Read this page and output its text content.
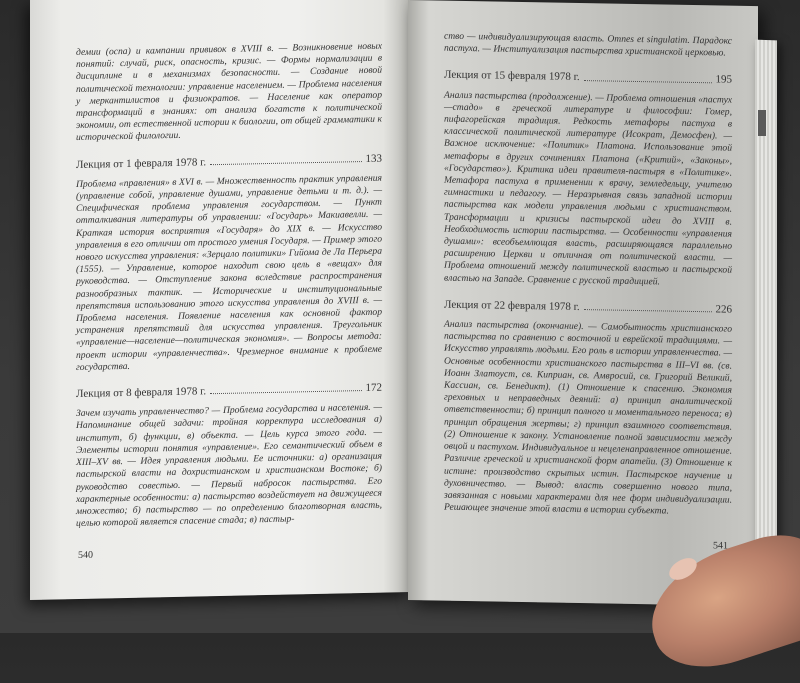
демии (оспа) и кампании прививок в XVIII в. — Возникновение новых понятий: случай, риск, опасность, кризис. — Формы нормализации в дисциплине и в механизмах безопасности. — Создание новой политической технологии: управление населением. — Проблема населения у меркантилистов и физиократов. — Население как оператор трансформаций в знаниях: от анализа богатств к политической экономии, от естественной истории к биологии, от общей грамматики к исторической филологии.

Лекция от 1 февраля 1978 г.	133

Проблема «правления» в XVI в. — Множественность практик управления (управление собой, управление душами, управление детьми и т. д.). — Специфическая проблема управления государством. — Пункт отталкивания литературы об управлении: «Государь» Макиавелли. — Краткая история восприятия «Государя» до XIX в. — Искусство управления в его отличии от простого умения Государя. — Пример этого нового искусства управления: «Зерцало политики» Гийома де Ла Перьера (1555). — Управление, которое находит свою цель в «вещах» для руководства. — Отступление закона вследствие распространения разнообразных тактик. — Исторические и институциональные препятствия использованию этого искусства управления до XVIII в. — Проблема населения. Появление населения как основной фактор устранения препятствий для искусства управления. Треугольник «управление—население—политическая экономия». — Вопросы метода: проект истории «управленчества». Чрезмерное внимание к проблеме государства.

Лекция от 8 февраля 1978 г.	172

Зачем изучать управленчество? — Проблема государства и населения. — Напоминание общей задачи: тройная корректура исследования а) институт, б) функции, в) объекта. — Цель курса этого года. — Элементы истории понятия «управление». Его семантический объем в XIII–XV вв. — Идея управления людьми. Ее источники: а) организация пастырской власти на дохристианском и христианском Востоке; б) руководство совестью. — Первый набросок пастырства. Его характерные особенности: а) пастырство воздействует на движущееся множество; б) пастырство — по определению благотворная власть, целью которой является спасение стада; в) пастыр-

540

ство — индивидуализирующая власть. Omnes et singulatim. Парадокс пастуха. — Институализация пастырства христианской церковью.

Лекция от 15 февраля 1978 г.	195

Анализ пастырства (продолжение). — Проблема отношения «пастух—стадо» в греческой литературе и философии: Гомер, пифагорейская традиция. Редкость метафоры пастуха в классической политической литературе (Исократ, Демосфен). — Важное исключение: «Политик» Платона. Использование этой метафоры в других сочинениях Платона («Критий», «Законы», «Государство»). Критика идеи правителя-пастыря в «Политике». Метафора пастуха в применении к врачу, земледельцу, учителю гимнастики и педагогу. — Неразрывная связь западной истории пастырства как модели управления людьми с христианством. Трансформации и кризисы пастырской идеи до XVIII в. Необходимость истории пастырства. — Особенности «управления душами»: всеобъемлющая власть, расширяющаяся параллельно расширению Церкви и отличная от политической власти. — Проблема отношений между политической властью и пастырской властью на Западе. Сравнение с русской традицией.

Лекция от 22 февраля 1978 г.	226

Анализ пастырства (окончание). — Самобытность христианского пастырства по сравнению с восточной и еврейской традициями. — Искусство управлять людьми. Его роль в истории управленчества. — Основные особенности христианского пастырства в III–VI вв. (св. Иоанн Златоуст, св. Киприан, св. Амвросий, св. Григорий Великий, Кассиан, св. Бенедикт). (1) Отношение к спасению. Экономия греховных и неправедных деяний: а) принцип аналитической ответственности; б) принцип полного и моментального переноса; в) принцип обращения жертвы; г) принцип взаимного соответствия. (2) Отношение к закону. Установление полной зависимости между овцой и пастухом. Индивидуальное и нецеленаправленное отношение. Различие греческой и христианской форм апатейи. (3) Отношение к истине: производство скрытых истин. Пастырское научение и духовничество. — Вывод: власть совершенно нового типа, завязанная с новыми характерами для нее форм индивидуализации. Решающее значение этой власти в истории субъекта.

541
